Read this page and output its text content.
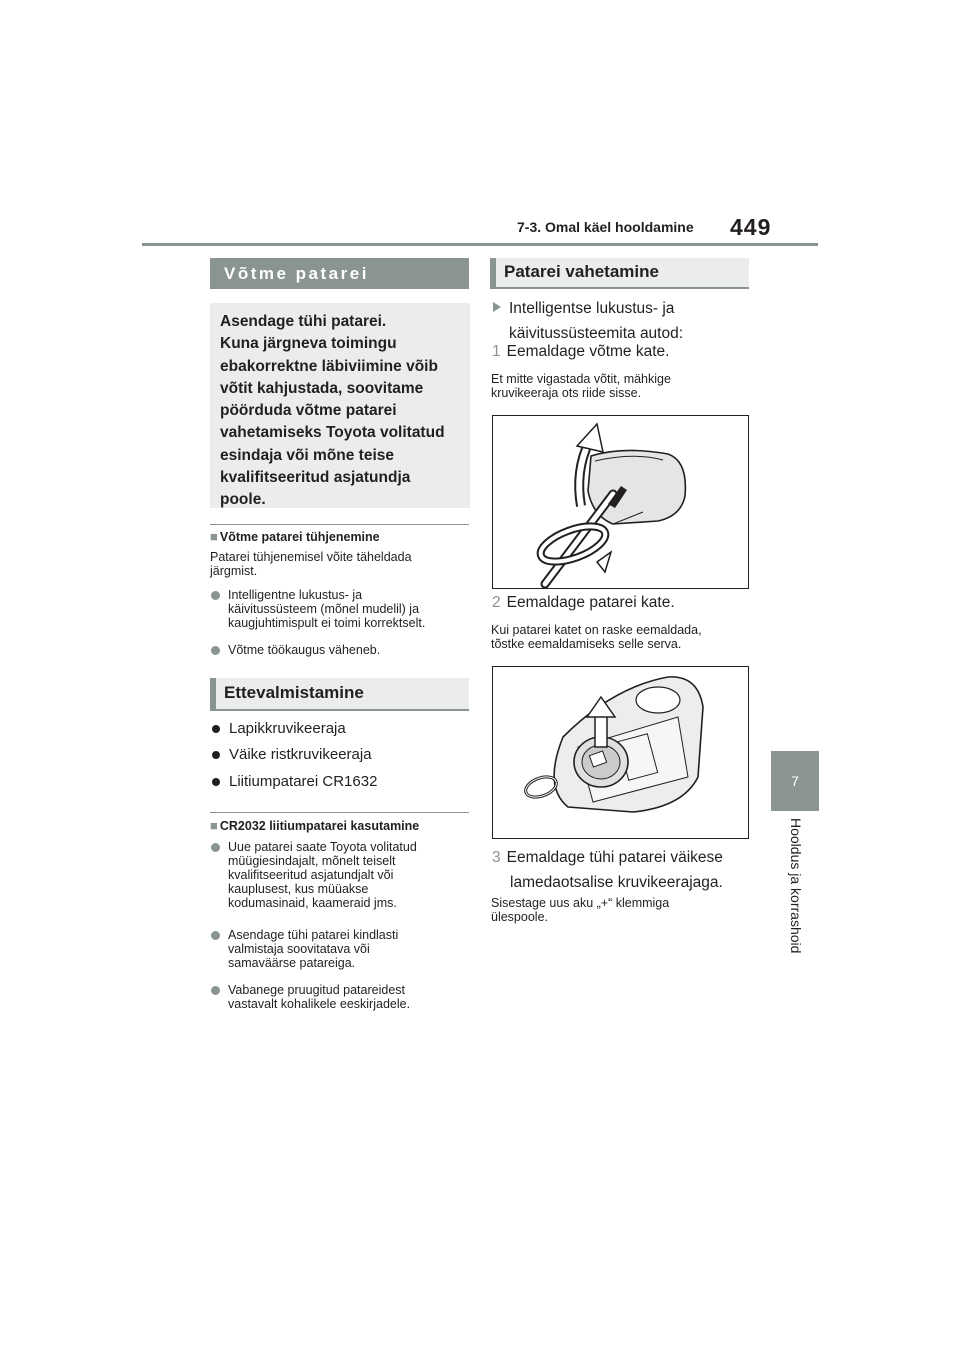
7-3. Omal käel hooldamine 449
7
Hooldus ja korrashoid
Võtme patarei
Asendage tühi patarei.
Kuna järgneva toimingu
ebakorrektne läbiviimine võib
võtit kahjustada, soovitame
pöörduda võtme patarei
vahetamiseks Toyota volitatud
esindaja või mõne teise
kvalifitseeritud asjatundja
poole.
■ Võtme patarei tühjenemine
Patarei tühjenemisel võite täheldada
järgmist.
Intelligentne lukustus- ja
käivitussüsteem (mõnel mudelil) ja
kaugjuhtimispult ei toimi korrektselt.
Võtme töökaugus väheneb.
Ettevalmistamine
Lapikkruvikeeraja
Väike ristkruvikeeraja
Liitiumpatarei CR1632
■ CR2032 liitiumpatarei kasutamine
Uue patarei saate Toyota volitatud
müügiesindajalt, mõnelt teiselt
kvalifitseeritud asjatundjalt või
kauplusest, kus müüakse
kodumasinaid, kaameraid jms.
Asendage tühi patarei kindlasti
valmistaja soovitatava või
samaväärse patareiga.
Vabanege pruugitud patareidest
vastavalt kohalikele eeskirjadele.
Patarei vahetamine
Intelligentse lukustus- ja
käivitussüsteemita autod:
1 Eemaldage võtme kate.
Et mitte vigastada võtit, mähkige
kruvikeeraja ots riide sisse.
2 Eemaldage patarei kate.
Kui patarei katet on raske eemaldada,
tõstke eemaldamiseks selle serva.
3 Eemaldage tühi patarei väikese
lamedaotsalise kruvikeerajaga.
Sisestage uus aku „+“ klemmiga
ülespoole.
